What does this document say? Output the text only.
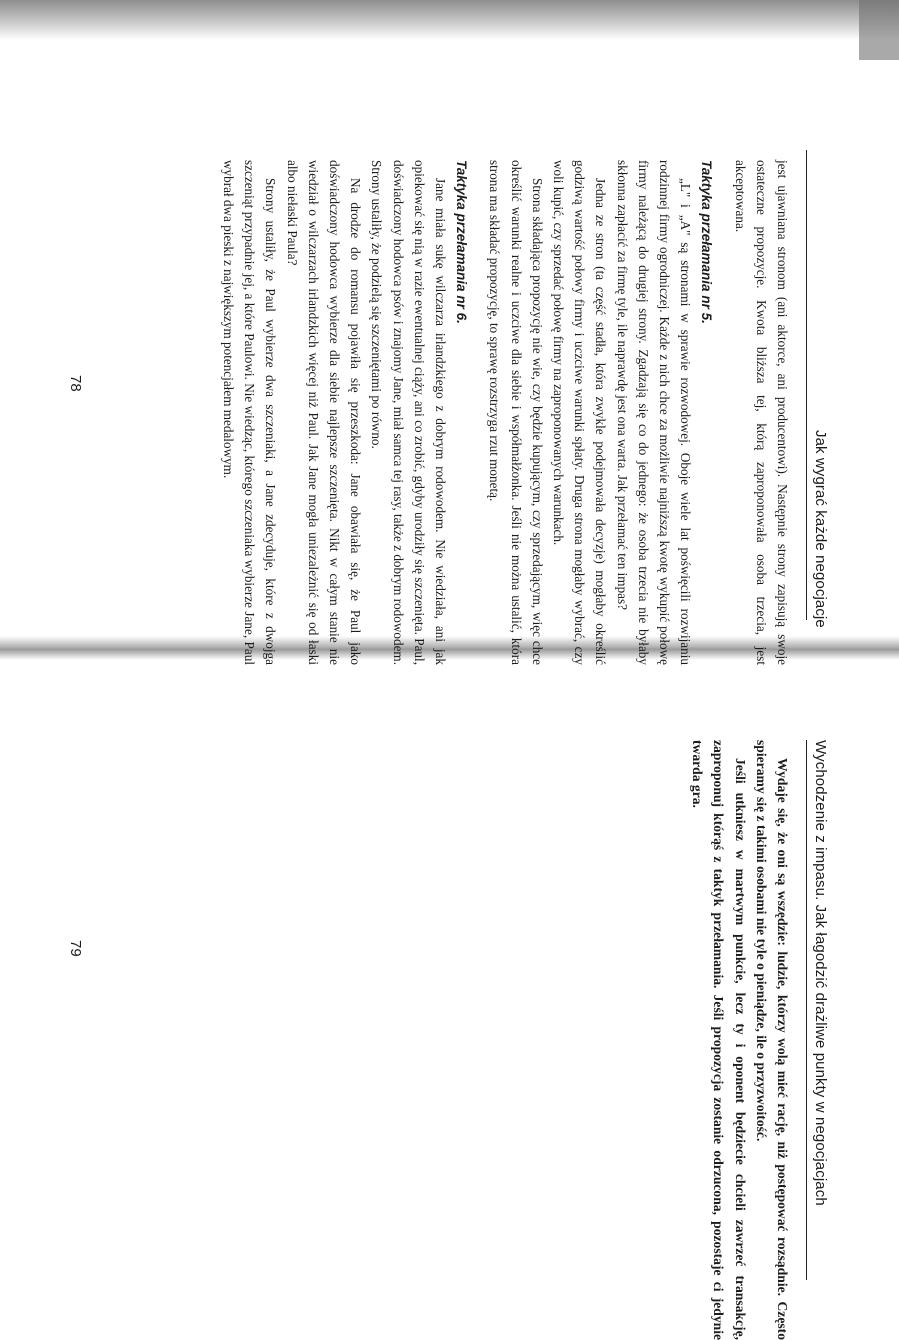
Jak wygrać każde negocjacje

jest ujawniana stronom (ani aktorce, ani producentowi). Następnie strony zapisują swoje ostateczne propozycje. Kwota bliższa tej, którą zaproponowała osoba trzecia, jest akceptowana.

Taktyka przełamania nr 5.

„L" i „A" są stronami w sprawie rozwodowej. Oboje wiele lat poświęcili rozwijaniu rodzinnej firmy ogrodniczej. Każde z nich chce za możliwie najniższą kwotę wykupić połowę firmy należącą do drugiej strony. Zgadzają się co do jednego: że osoba trzecia nie byłaby skłonna zapłacić za firmę tyle, ile naprawdę jest ona warta. Jak przełamać ten impas?

Jedna ze stron (ta część stadła, która zwykle podejmowała decyzje) mogłaby określić godziwą wartość połowy firmy i uczciwe warunki spłaty. Druga strona mogłaby wybrać, czy woli kupić, czy sprzedać połowę firmy na zaproponowanych warunkach.

Strona składająca propozycję nie wie, czy będzie kupującym, czy sprzedającym, więc chce określić warunki realne i uczciwe dla siebie i współmałżonka. Jeśli nie można ustalić, która strona ma składać propozycję, to sprawę rozstrzyga rzut monetą.

Taktyka przełamania nr 6.

Jane miała sukę wilczarza irlandzkiego z dobrym rodowodem. Nie wiedziała, ani jak opiekować się nią w razie ewentualnej ciąży, ani co zrobić, gdyby urodziły się szczenięta. Paul, doświadczony hodowca psów i znajomy Jane, miał samca tej rasy, także z dobrym rodowodem. Strony ustaliły, że podzielą się szczeniętami po równo.

Na drodze do romansu pojawiła się przeszkoda: Jane obawiała się, że Paul jako doświadczony hodowca wybierze dla siebie najlepsze szczenięta. Nikt w całym stanie nie wiedział o wilczarzach irlandzkich więcej niż Paul. Jak Jane mogła uniezależnić się od łaski albo niełaski Paula?

Strony ustaliły, że Paul wybierze dwa szczeniaki, a Jane zdecyduje, które z dwojga szczeniąt przypadnie jej, a które Paulowi. Nie wiedząc, którego szczeniaka wybierze Jane, Paul wybrał dwa pieski z największym potencjałem medalowym.

78
Wychodzenie z impasu. Jak łagodzić drażliwe punkty w negocjacjach

Wydaje się, że oni są wszędzie: ludzie, którzy wolą mieć rację, niż postępować rozsądnie. Często spieramy się z takimi osobami nie tyle o pieniądze, ile o przyzwoitość.

Jeśli utkniesz w martwym punkcie, lecz ty i oponent będziecie chcieli zawrzeć transakcję, zaproponuj którąś z taktyk przełamania. Jeśli propozycja zostanie odrzucona, pozostaje ci jedynie twarda gra.

79
